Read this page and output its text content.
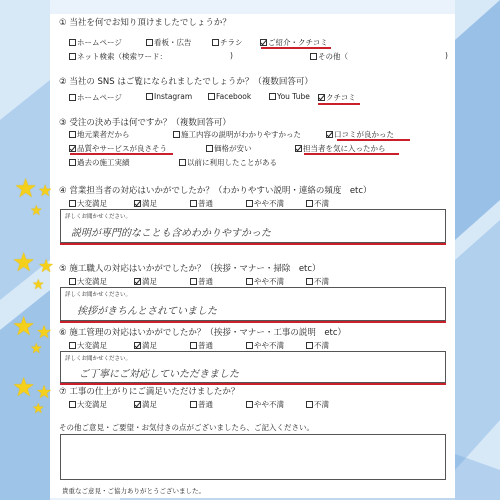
① 当社を何でお知り頂けましたでしょうか？
ホームページ	看板・広告	チラシ	ご紹介・クチコミ
ネット検索（検索ワード：	)	その他（	)
② 当社の SNS はご覧になられましたでしょうか？（複数回答可）
ホームページ	Instagram	Facebook	You Tube	クチコミ
③ 受注の決め手は何ですか？（複数回答可）
地元業者だから	施工内容の説明がわかりやすかった	口コミが良かった
品質やサービスが良さそう	価格が安い	担当者を気に入ったから
過去の施工実績	以前に利用したことがある
④ 営業担当者の対応はいかがでしたか？（わかりやすい説明・連絡の頻度　etc）
大変満足	満足	普通	やや不満	不満
詳しくお聞かせください。
説明が専門的なことも含めわかりやすかった
⑤ 施工職人の対応はいかがでしたか？（挨拶・マナー・掃除　etc）
大変満足	満足	普通	やや不満	不満
詳しくお聞かせください。
挨拶がきちんとされていました
⑥ 施工管理の対応はいかがでしたか？（挨拶・マナー・工事の説明　etc）
大変満足	満足	普通	やや不満	不満
詳しくお聞かせください。
ご丁寧にご対応していただきました
⑦ 工事の仕上がりにご満足いただけましたか？
大変満足	満足	普通	やや不満	不満
その他ご意見・ご要望・お気付きの点がございましたら、ご記入ください。
貴重なご意見・ご協力ありがとうございました。
★ ★
★
★ ★
★
★ ★
★
★ ★
★
